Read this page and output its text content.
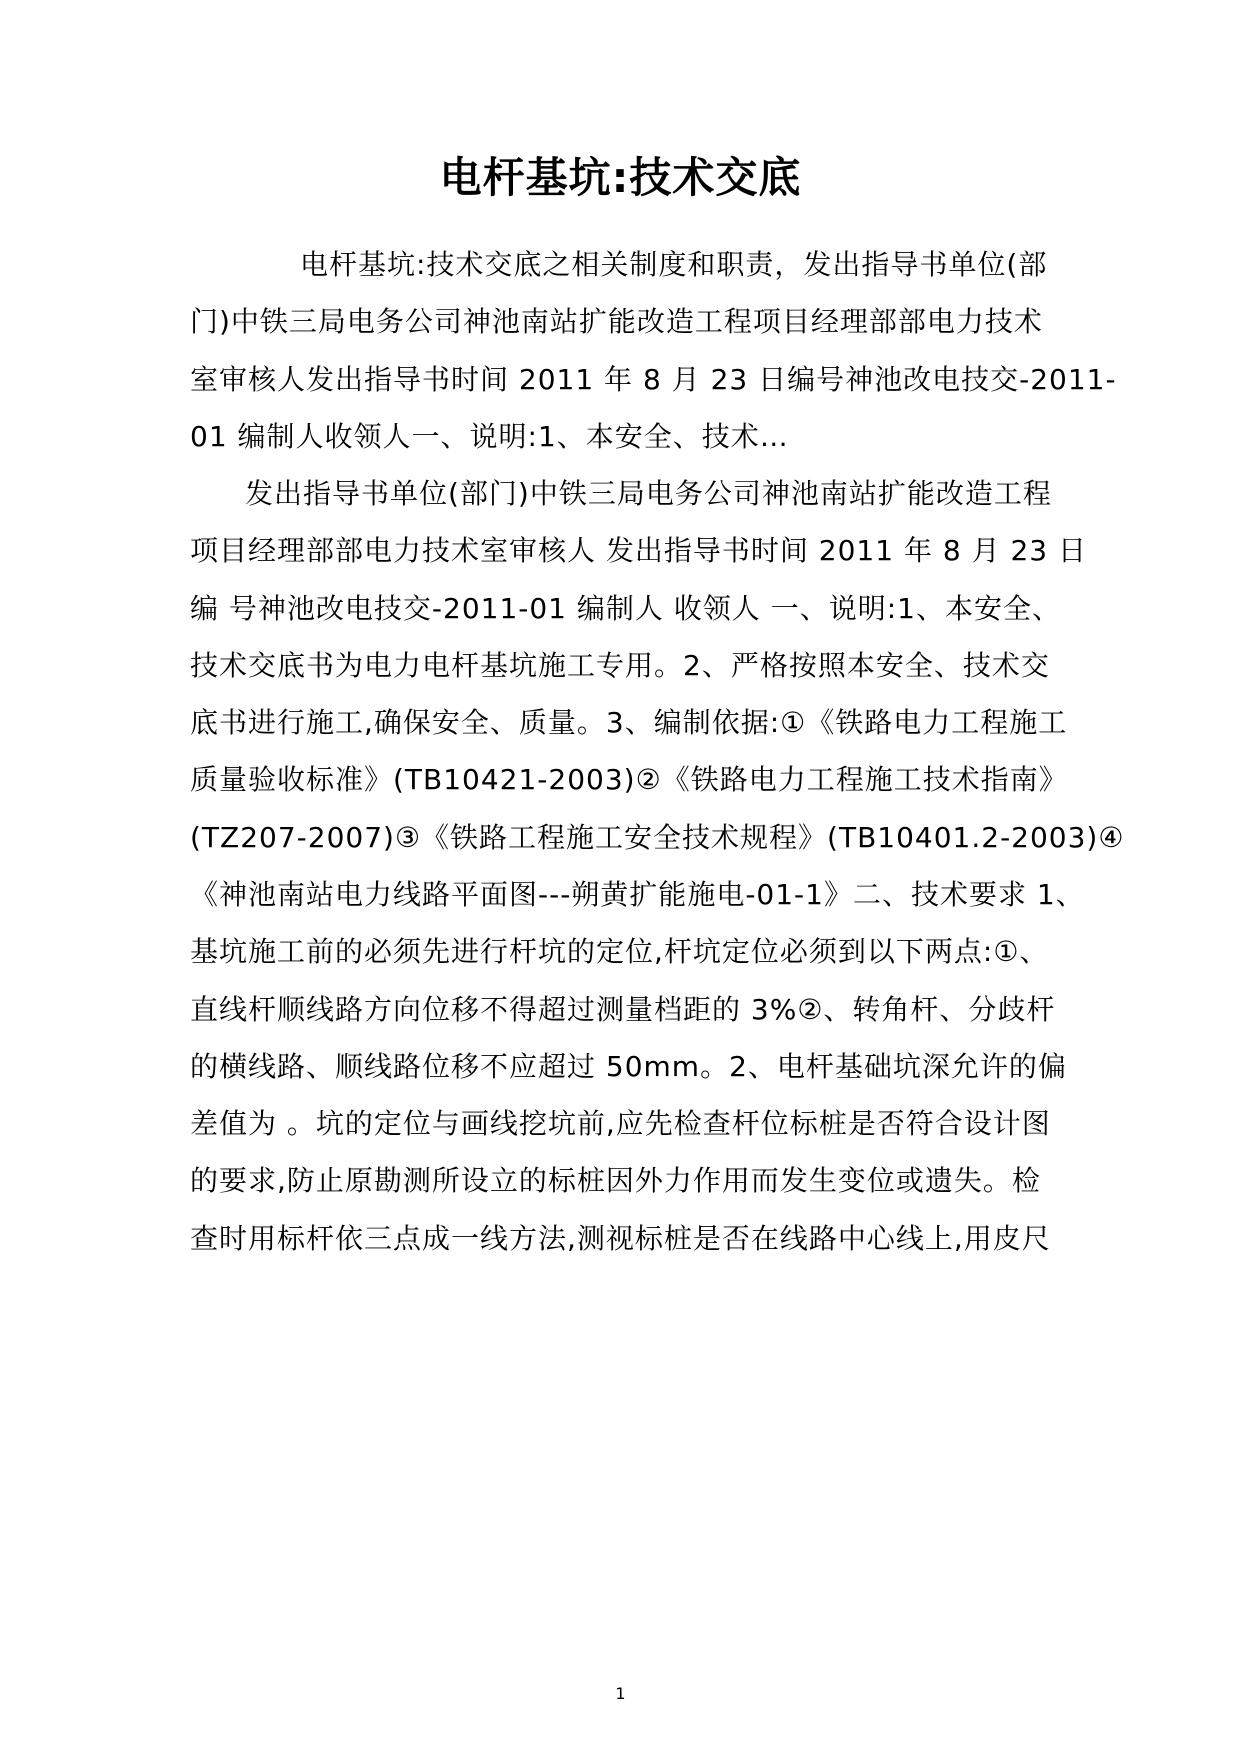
电杆基坑:技术交底
电杆基坑:技术交底之相关制度和职责，发出指导书单位(部
门)中铁三局电务公司神池南站扩能改造工程项目经理部部电力技术
室审核人发出指导书时间 2011 年 8 月 23 日编号神池改电技交-2011-
01 编制人收领人一、说明:1、本安全、技术…
发出指导书单位(部门)中铁三局电务公司神池南站扩能改造工程
项目经理部部电力技术室审核人 发出指导书时间 2011 年 8 月 23 日
编 号神池改电技交-2011-01 编制人 收领人 一、说明:1、本安全、
技术交底书为电力电杆基坑施工专用。2、严格按照本安全、技术交
底书进行施工,确保安全、质量。3、编制依据:①《铁路电力工程施工
质量验收标准》(TB10421-2003)②《铁路电力工程施工技术指南》
(TZ207-2007)③《铁路工程施工安全技术规程》(TB10401.2-2003)④
《神池南站电力线路平面图---朔黄扩能施电-01-1》二、技术要求 1、
基坑施工前的必须先进行杆坑的定位,杆坑定位必须到以下两点:①、
直线杆顺线路方向位移不得超过测量档距的 3%②、转角杆、分歧杆
的横线路、顺线路位移不应超过 50mm。2、电杆基础坑深允许的偏
差值为 。坑的定位与画线挖坑前,应先检查杆位标桩是否符合设计图
的要求,防止原勘测所设立的标桩因外力作用而发生变位或遗失。检
查时用标杆依三点成一线方法,测视标桩是否在线路中心线上,用皮尺
1
